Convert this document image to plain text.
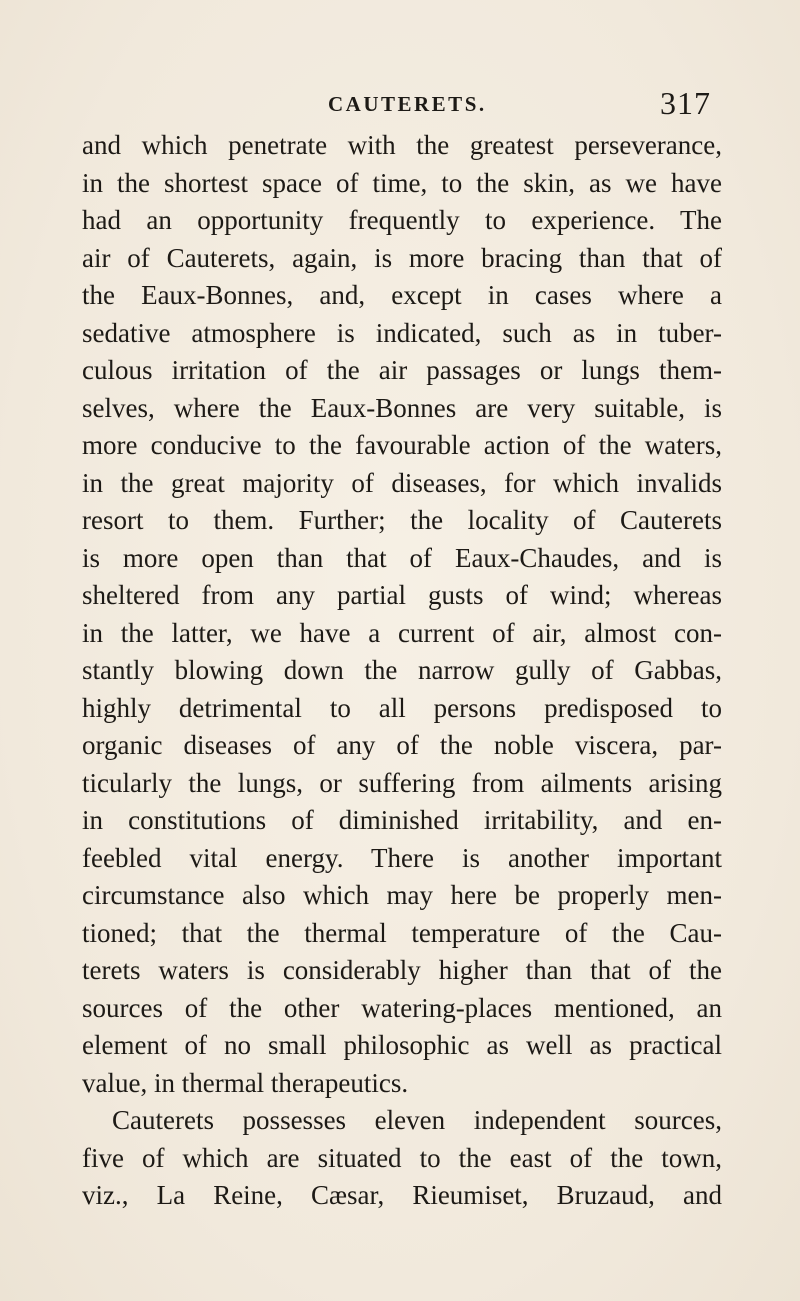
CAUTERETS.	317
and which penetrate with the greatest perseverance,
in the shortest space of time, to the skin, as we have
had an opportunity frequently to experience. The
air of Cauterets, again, is more bracing than that of
the Eaux-Bonnes, and, except in cases where a
sedative atmosphere is indicated, such as in tuber-
culous irritation of the air passages or lungs them-
selves, where the Eaux-Bonnes are very suitable, is
more conducive to the favourable action of the waters,
in the great majority of diseases, for which invalids
resort to them. Further; the locality of Cauterets
is more open than that of Eaux-Chaudes, and is
sheltered from any partial gusts of wind; whereas
in the latter, we have a current of air, almost con-
stantly blowing down the narrow gully of Gabbas,
highly detrimental to all persons predisposed to
organic diseases of any of the noble viscera, par-
ticularly the lungs, or suffering from ailments arising
in constitutions of diminished irritability, and en-
feebled vital energy. There is another important
circumstance also which may here be properly men-
tioned; that the thermal temperature of the Cau-
terets waters is considerably higher than that of the
sources of the other watering-places mentioned, an
element of no small philosophic as well as practical
value, in thermal therapeutics.
Cauterets possesses eleven independent sources,
five of which are situated to the east of the town,
viz., La Reine, Cæsar, Rieumiset, Bruzaud, and
